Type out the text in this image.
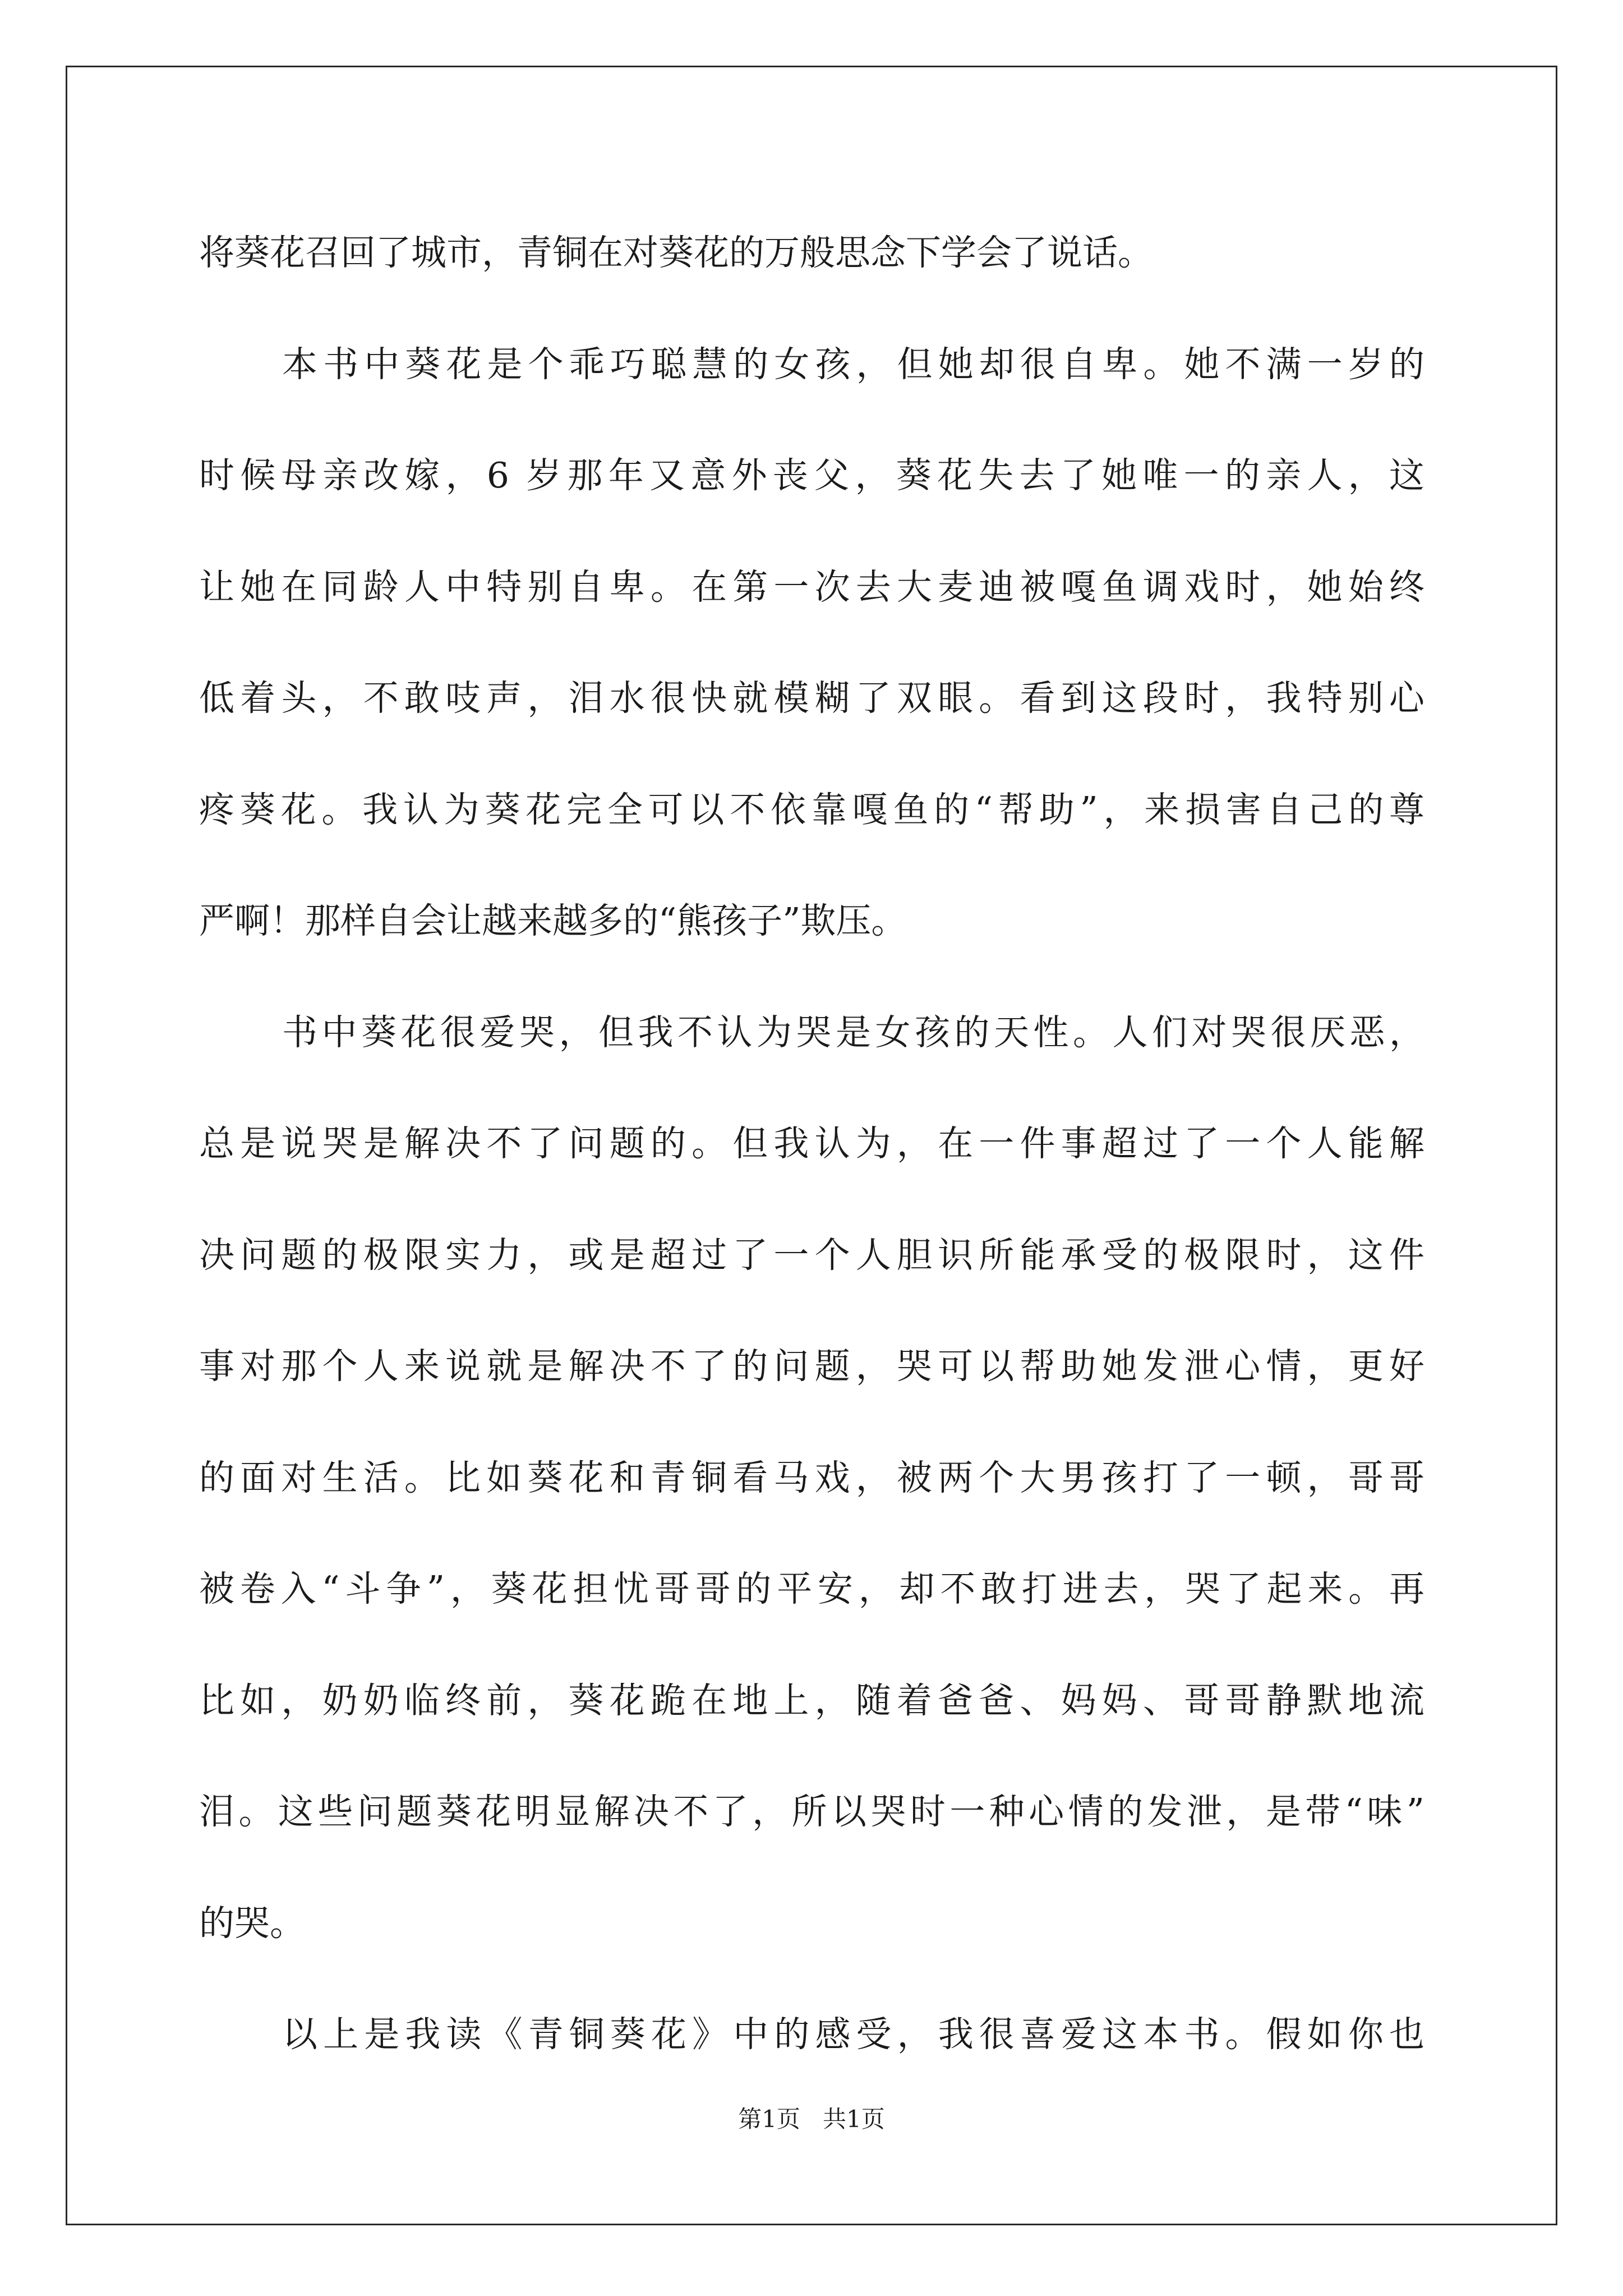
将葵花召回了城市，青铜在对葵花的万般思念下学会了说话。
本书中葵花是个乖巧聪慧的女孩，但她却很自卑。她不满一岁的
时候母亲改嫁，6 岁那年又意外丧父，葵花失去了她唯一的亲人，这
让她在同龄人中特别自卑。在第一次去大麦迪被嘎鱼调戏时，她始终
低着头，不敢吱声，泪水很快就模糊了双眼。看到这段时，我特别心
疼葵花。我认为葵花完全可以不依靠嘎鱼的“帮助”，来损害自己的尊
严啊！那样自会让越来越多的“熊孩子”欺压。
书中葵花很爱哭，但我不认为哭是女孩的天性。人们对哭很厌恶，
总是说哭是解决不了问题的。但我认为，在一件事超过了一个人能解
决问题的极限实力，或是超过了一个人胆识所能承受的极限时，这件
事对那个人来说就是解决不了的问题，哭可以帮助她发泄心情，更好
的面对生活。比如葵花和青铜看马戏，被两个大男孩打了一顿，哥哥
被卷入“斗争”，葵花担忧哥哥的平安，却不敢打进去，哭了起来。再
比如，奶奶临终前，葵花跪在地上，随着爸爸、妈妈、哥哥静默地流
泪。这些问题葵花明显解决不了，所以哭时一种心情的发泄，是带“味”
的哭。
以上是我读《青铜葵花》中的感受，我很喜爱这本书。假如你也
第1页   共1页
